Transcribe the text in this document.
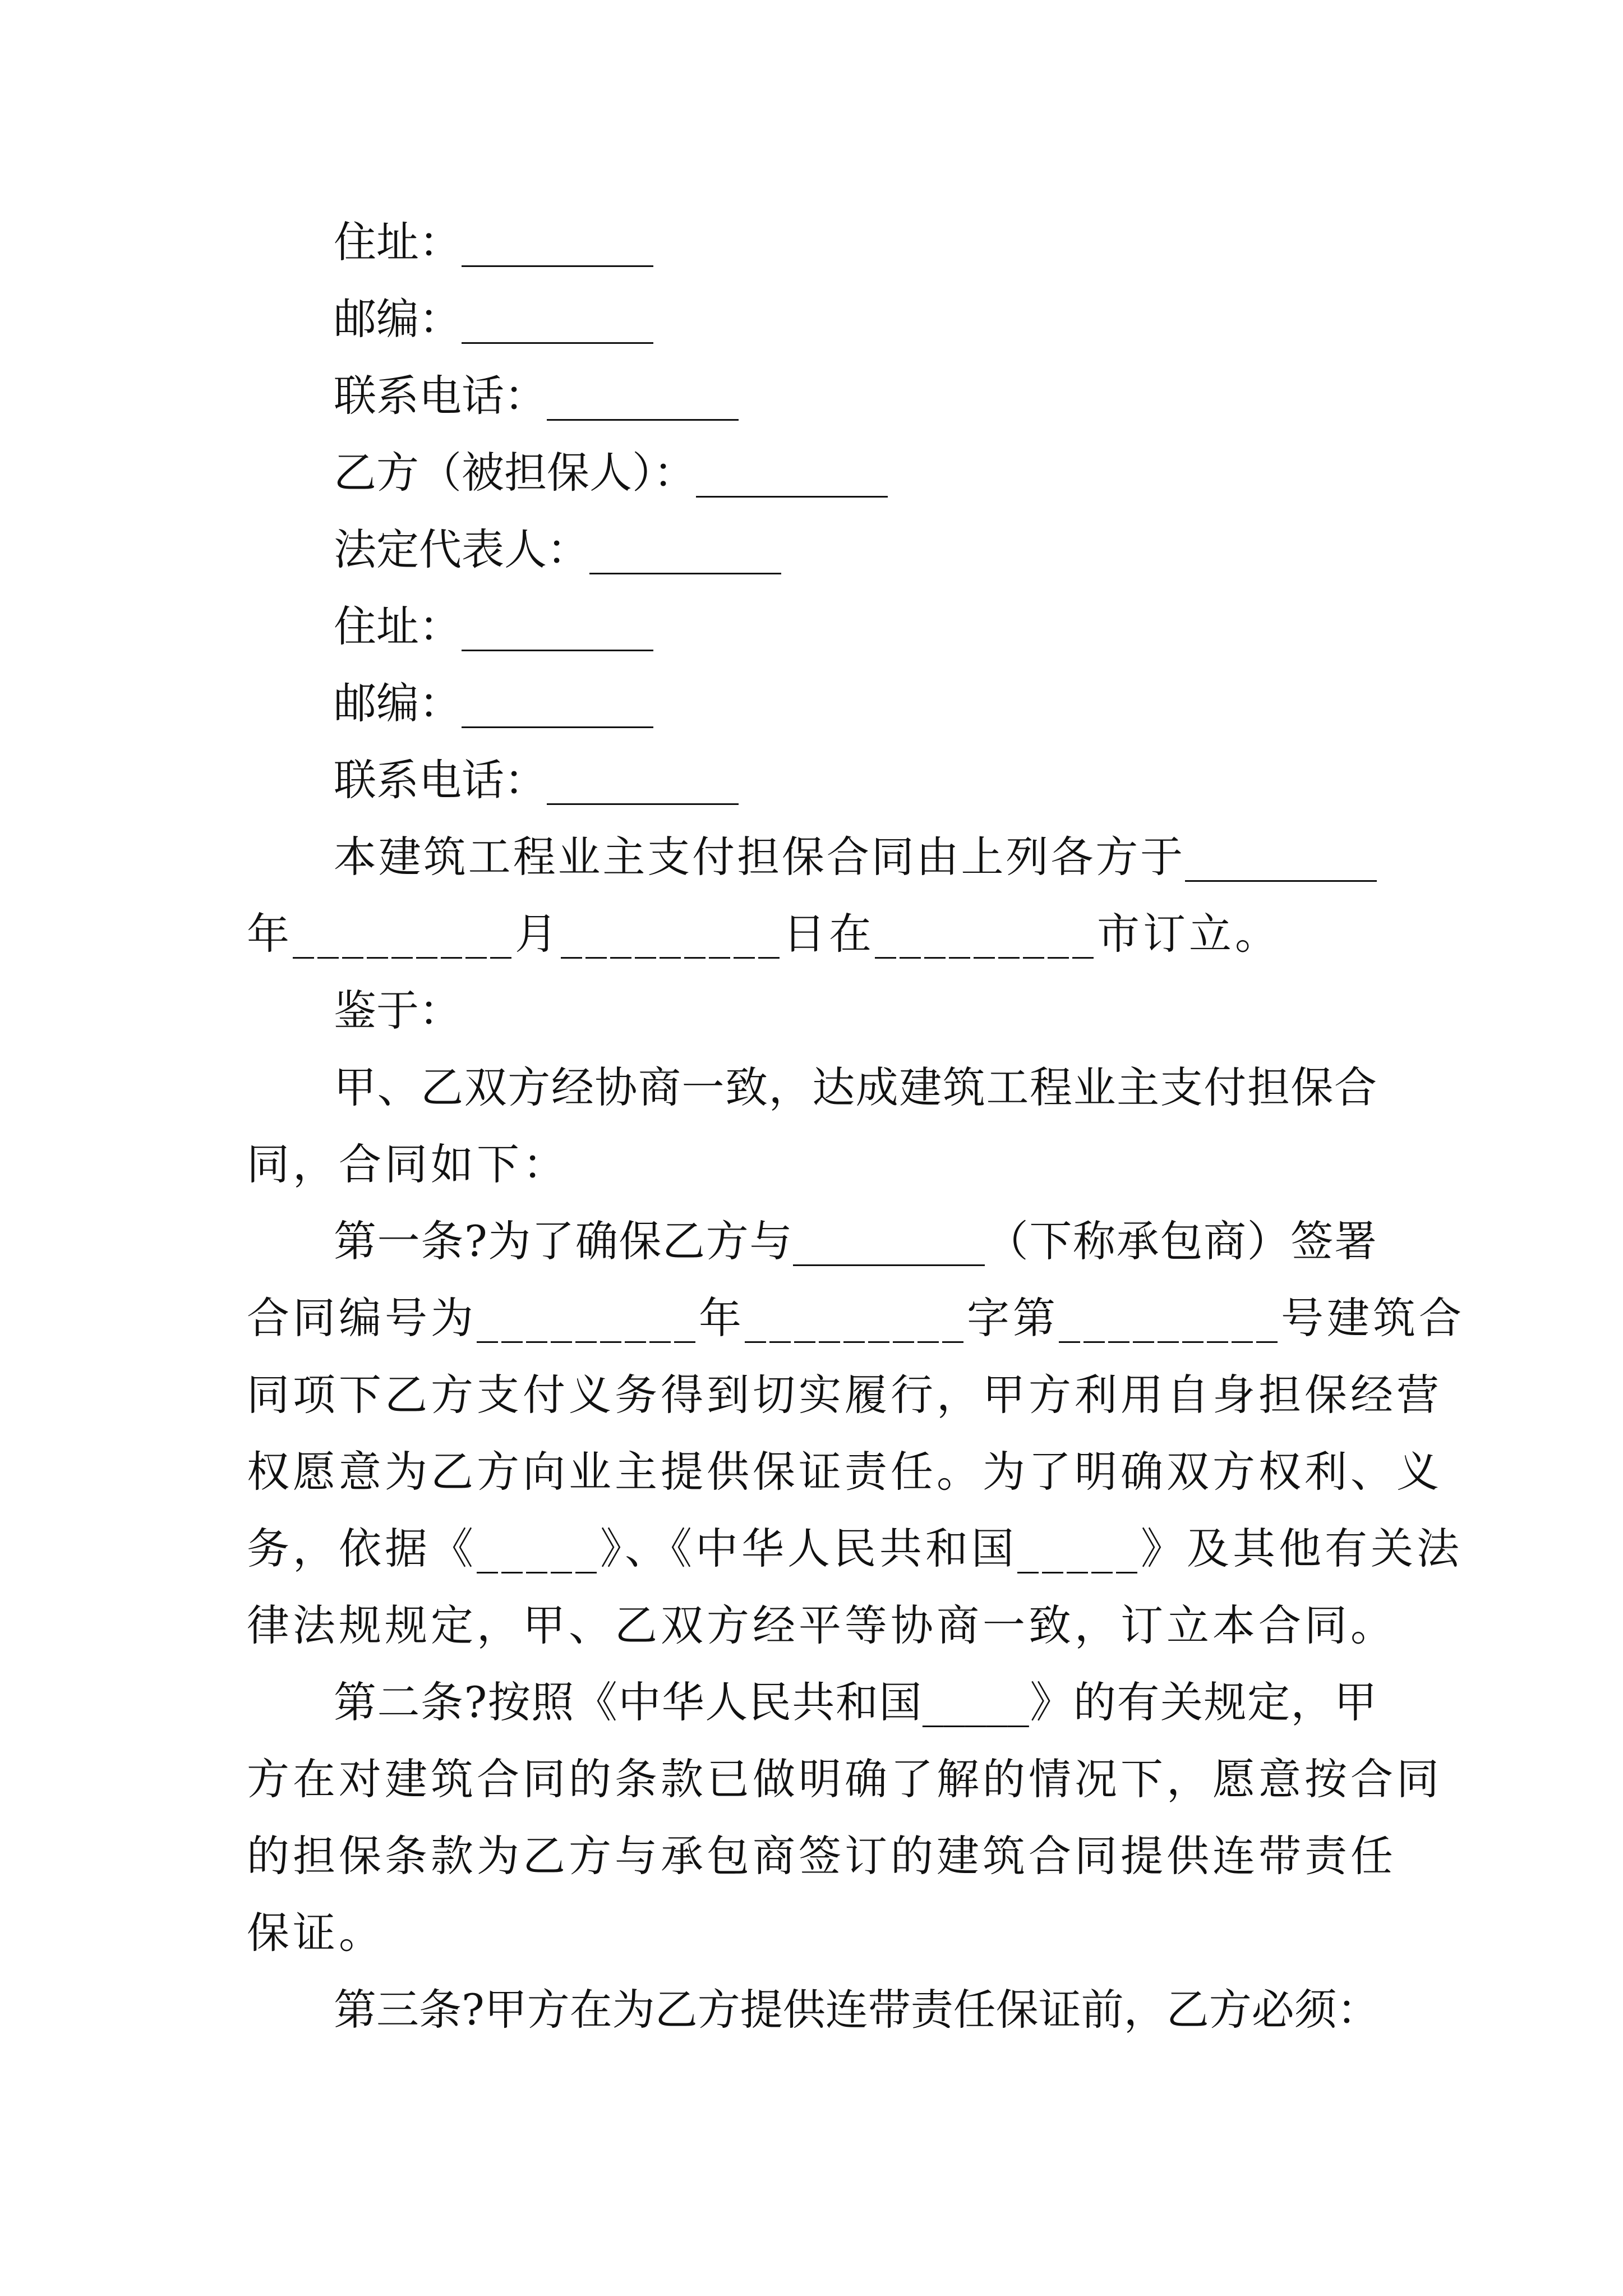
住址：_________
邮编：_________
联系电话：_________
乙方（被担保人）：_________
法定代表人：_________
住址：_________
邮编：_________
联系电话：_________
本建筑工程业主支付担保合同由上列各方于_________
年_________月_________日在_________市订立。
鉴于：
甲、乙双方经协商一致，达成建筑工程业主支付担保合
同，合同如下：
第一条?为了确保乙方与_________（下称承包商）签署
合同编号为_________年_________字第_________号建筑合
同项下乙方支付义务得到切实履行，甲方利用自身担保经营
权愿意为乙方向业主提供保证责任。为了明确双方权利、义
务，依据《_____》、《中华人民共和国_____》及其他有关法
律法规规定，甲、乙双方经平等协商一致，订立本合同。
第二条?按照《中华人民共和国_____》的有关规定，甲
方在对建筑合同的条款已做明确了解的情况下，愿意按合同
的担保条款为乙方与承包商签订的建筑合同提供连带责任
保证。
第三条?甲方在为乙方提供连带责任保证前，乙方必须：
